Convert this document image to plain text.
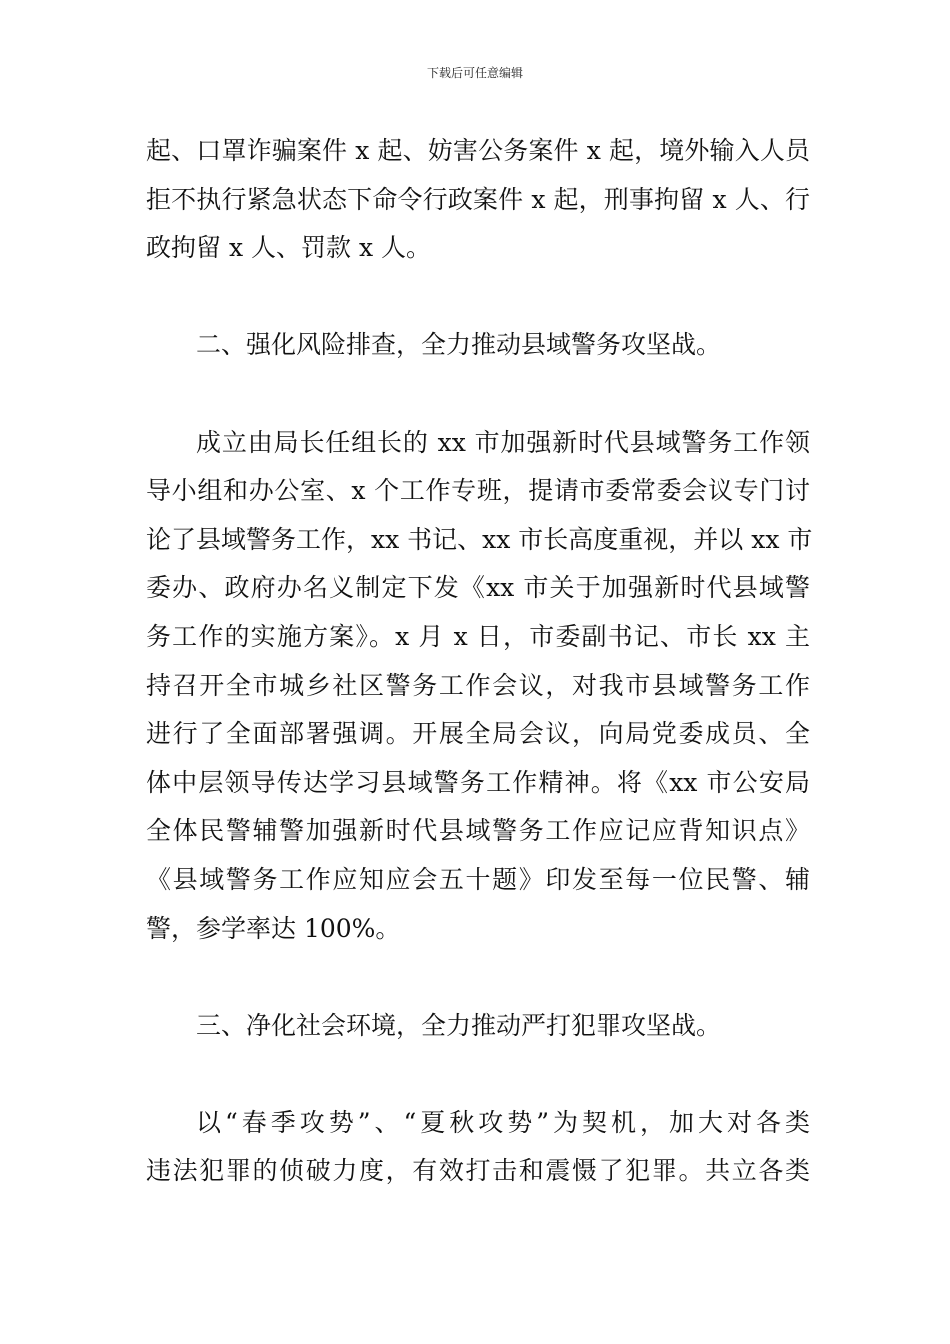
下载后可任意编辑
起、口罩诈骗案件 x 起、妨害公务案件 x 起，境外输入人员
拒不执行紧急状态下命令行政案件 x 起，刑事拘留 x 人、行
政拘留 x 人、罚款 x 人。
二、强化风险排查，全力推动县域警务攻坚战。
成立由局长任组长的 xx 市加强新时代县域警务工作领
导小组和办公室、x 个工作专班，提请市委常委会议专门讨
论了县域警务工作，xx 书记、xx 市长高度重视，并以 xx 市
委办、政府办名义制定下发《xx 市关于加强新时代县域警
务工作的实施方案》。x 月 x 日，市委副书记、市长 xx 主
持召开全市城乡社区警务工作会议，对我市县域警务工作
进行了全面部署强调。开展全局会议，向局党委成员、全
体中层领导传达学习县域警务工作精神。将《xx 市公安局
全体民警辅警加强新时代县域警务工作应记应背知识点》
《县域警务工作应知应会五十题》印发至每一位民警、辅
警，参学率达 100%。
三、净化社会环境，全力推动严打犯罪攻坚战。
以“春季攻势”、“夏秋攻势”为契机，加大对各类
违法犯罪的侦破力度，有效打击和震慑了犯罪。共立各类
